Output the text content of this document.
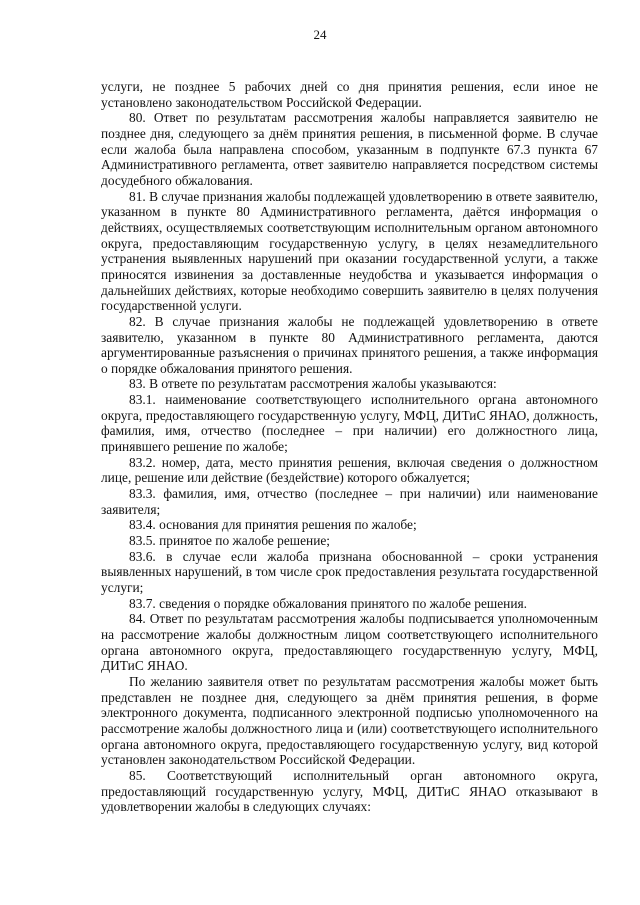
24

услуги, не позднее 5 рабочих дней со дня принятия решения, если иное не установлено законодательством Российской Федерации.

80. Ответ по результатам рассмотрения жалобы направляется заявителю не позднее дня, следующего за днём принятия решения, в письменной форме. В случае если жалоба была направлена способом, указанным в подпункте 67.3 пункта 67 Административного регламента, ответ заявителю направляется посредством системы досудебного обжалования.

81. В случае признания жалобы подлежащей удовлетворению в ответе заявителю, указанном в пункте 80 Административного регламента, даётся информация о действиях, осуществляемых соответствующим исполнительным органом автономного округа, предоставляющим государственную услугу, в целях незамедлительного устранения выявленных нарушений при оказании государственной услуги, а также приносятся извинения за доставленные неудобства и указывается информация о дальнейших действиях, которые необходимо совершить заявителю в целях получения государственной услуги.

82. В случае признания жалобы не подлежащей удовлетворению в ответе заявителю, указанном в пункте 80 Административного регламента, даются аргументированные разъяснения о причинах принятого решения, а также информация о порядке обжалования принятого решения.

83. В ответе по результатам рассмотрения жалобы указываются:

83.1. наименование соответствующего исполнительного органа автономного округа, предоставляющего государственную услугу, МФЦ, ДИТиС ЯНАО, должность, фамилия, имя, отчество (последнее – при наличии) его должностного лица, принявшего решение по жалобе;

83.2. номер, дата, место принятия решения, включая сведения о должностном лице, решение или действие (бездействие) которого обжалуется;

83.3. фамилия, имя, отчество (последнее – при наличии) или наименование заявителя;

83.4. основания для принятия решения по жалобе;

83.5. принятое по жалобе решение;

83.6. в случае если жалоба признана обоснованной – сроки устранения выявленных нарушений, в том числе срок предоставления результата государственной услуги;

83.7. сведения о порядке обжалования принятого по жалобе решения.

84. Ответ по результатам рассмотрения жалобы подписывается уполномоченным на рассмотрение жалобы должностным лицом соответствующего исполнительного органа автономного округа, предоставляющего государственную услугу, МФЦ, ДИТиС ЯНАО.

По желанию заявителя ответ по результатам рассмотрения жалобы может быть представлен не позднее дня, следующего за днём принятия решения, в форме электронного документа, подписанного электронной подписью уполномоченного на рассмотрение жалобы должностного лица и (или) соответствующего исполнительного органа автономного округа, предоставляющего государственную услугу, вид которой установлен законодательством Российской Федерации.

85. Соответствующий исполнительный орган автономного округа, предоставляющий государственную услугу, МФЦ, ДИТиС ЯНАО отказывают в удовлетворении жалобы в следующих случаях:
